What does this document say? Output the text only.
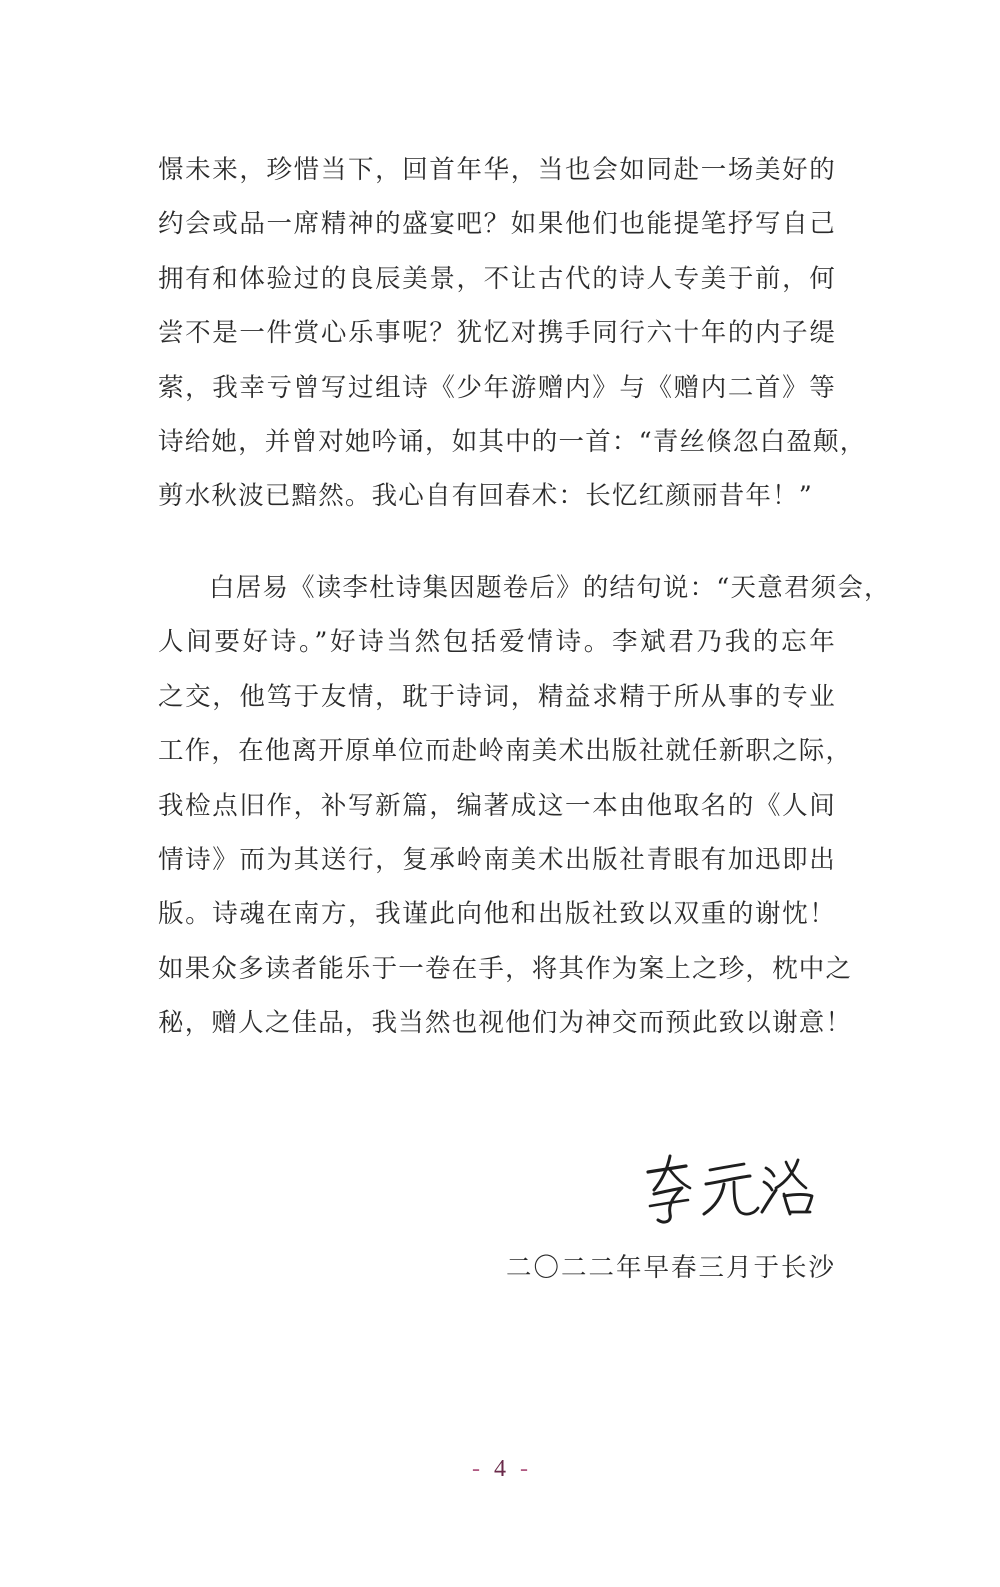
憬未来，珍惜当下，回首年华，当也会如同赴一场美好的
约会或品一席精神的盛宴吧？如果他们也能提笔抒写自己
拥有和体验过的良辰美景，不让古代的诗人专美于前，何
尝不是一件赏心乐事呢？犹忆对携手同行六十年的内子缇
萦，我幸亏曾写过组诗《少年游赠内》与《赠内二首》等
诗给她，并曾对她吟诵，如其中的一首：“青丝倏忽白盈颠，
剪水秋波已黯然。我心自有回春术：长忆红颜丽昔年！”
白居易《读李杜诗集因题卷后》的结句说：“天意君须会，
人间要好诗。”好诗当然包括爱情诗。李斌君乃我的忘年
之交，他笃于友情，耽于诗词，精益求精于所从事的专业
工作，在他离开原单位而赴岭南美术出版社就任新职之际，
我检点旧作，补写新篇，编著成这一本由他取名的《人间
情诗》而为其送行，复承岭南美术出版社青眼有加迅即出
版。诗魂在南方，我谨此向他和出版社致以双重的谢忱！
如果众多读者能乐于一卷在手，将其作为案上之珍，枕中之
秘，赠人之佳品，我当然也视他们为神交而预此致以谢意！
二〇二二年早春三月于长沙
- 4 -
